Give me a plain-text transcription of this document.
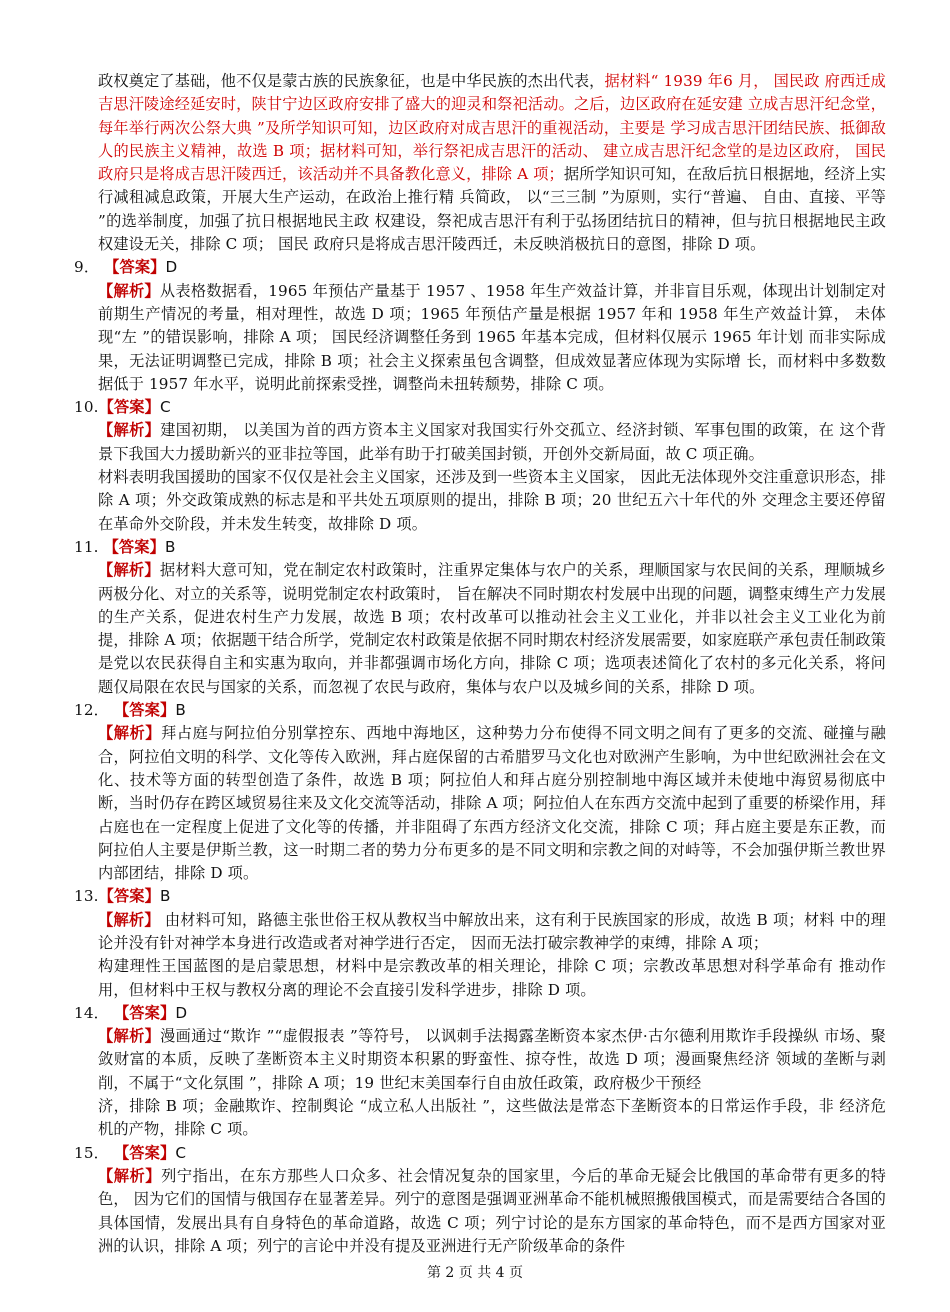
政权奠定了基础，他不仅是蒙古族的民族象征，也是中华民族的杰出代表，据材料“ 1939 年6 月， 国民政 府西迁成吉思汗陵途经延安时，陕甘宁边区政府安排了盛大的迎灵和祭祀活动。之后，边区政府在延安建 立成吉思汗纪念堂，每年举行两次公祭大典 ”及所学知识可知，边区政府对成吉思汗的重视活动，主要是 学习成吉思汗团结民族、抵御敌人的民族主义精神，故选 B 项；据材料可知，举行祭祀成吉思汗的活动、 建立成吉思汗纪念堂的是边区政府， 国民政府只是将成吉思汗陵西迁，该活动并不具备教化意义，排除 A 项；据所学知识可知，在敌后抗日根据地，经济上实行减租减息政策，开展大生产运动，在政治上推行精 兵简政， 以“三三制 ”为原则，实行“普遍、 自由、直接、平等 ”的选举制度，加强了抗日根据地民主政 权建设，祭祀成吉思汗有利于弘扬团结抗日的精神，但与抗日根据地民主政权建设无关，排除 C 项； 国民 政府只是将成吉思汗陵西迁，未反映消极抗日的意图，排除 D 项。

9． 【答案】D

【解析】从表格数据看，1965 年预估产量基于 1957 、1958 年生产效益计算，并非盲目乐观，体现出计划制定对前期生产情况的考量，相对理性，故选 D 项；1965 年预估产量是根据 1957 年和 1958 年生产效益计算， 未体现“左 ”的错误影响，排除 A 项； 国民经济调整任务到 1965 年基本完成，但材料仅展示 1965 年计划 而非实际成果，无法证明调整已完成，排除 B 项；社会主义探索虽包含调整，但成效显著应体现为实际增 长，而材料中多数数据低于 1957 年水平，说明此前探索受挫，调整尚未扭转颓势，排除 C 项。

10.【答案】C

【解析】建国初期， 以美国为首的西方资本主义国家对我国实行外交孤立、经济封锁、军事包围的政策，在 这个背景下我国大力援助新兴的亚非拉等国，此举有助于打破美国封锁，开创外交新局面，故 C 项正确。

材料表明我国援助的国家不仅仅是社会主义国家，还涉及到一些资本主义国家， 因此无法体现外交注重意识形态，排除 A 项；外交政策成熟的标志是和平共处五项原则的提出，排除 B 项；20 世纪五六十年代的外 交理念主要还停留在革命外交阶段，并未发生转变，故排除 D 项。

11. 【答案】B

【解析】据材料大意可知，党在制定农村政策时，注重界定集体与农户的关系，理顺国家与农民间的关系，理顺城乡两极分化、对立的关系等，说明党制定农村政策时， 旨在解决不同时期农村发展中出现的问题，调整束缚生产力发展的生产关系，促进农村生产力发展，故选 B 项；农村改革可以推动社会主义工业化，并非以社会主义工业化为前提，排除 A 项；依据题干结合所学，党制定农村政策是依据不同时期农村经济发展需要，如家庭联产承包责任制政策是党以农民获得自主和实惠为取向，并非都强调市场化方向，排除 C 项；选项表述简化了农村的多元化关系，将问题仅局限在农民与国家的关系，而忽视了农民与政府，集体与农户以及城乡间的关系，排除 D 项。

12． 【答案】B

【解析】拜占庭与阿拉伯分别掌控东、西地中海地区，这种势力分布使得不同文明之间有了更多的交流、碰撞与融合，阿拉伯文明的科学、文化等传入欧洲，拜占庭保留的古希腊罗马文化也对欧洲产生影响，为中世纪欧洲社会在文化、技术等方面的转型创造了条件，故选 B 项；阿拉伯人和拜占庭分别控制地中海区域并未使地中海贸易彻底中断，当时仍存在跨区域贸易往来及文化交流等活动，排除 A 项；阿拉伯人在东西方交流中起到了重要的桥梁作用，拜占庭也在一定程度上促进了文化等的传播，并非阻碍了东西方经济文化交流，排除 C 项；拜占庭主要是东正教，而阿拉伯人主要是伊斯兰教，这一时期二者的势力分布更多的是不同文明和宗教之间的对峙等，不会加强伊斯兰教世界内部团结，排除 D 项。

13.【答案】B

【解析】 由材料可知，路德主张世俗王权从教权当中解放出来，这有利于民族国家的形成，故选 B 项；材料 中的理论并没有针对神学本身进行改造或者对神学进行否定， 因而无法打破宗教神学的束缚，排除 A 项；

构建理性王国蓝图的是启蒙思想，材料中是宗教改革的相关理论，排除 C 项；宗教改革思想对科学革命有 推动作用，但材料中王权与教权分离的理论不会直接引发科学进步，排除 D 项。

14． 【答案】D

【解析】漫画通过“欺诈 ”“虚假报表 ”等符号， 以讽刺手法揭露垄断资本家杰伊·古尔德利用欺诈手段操纵 市场、聚敛财富的本质，反映了垄断资本主义时期资本积累的野蛮性、掠夺性，故选 D 项；漫画聚焦经济 领域的垄断与剥削，不属于“文化氛围 ”，排除 A 项；19 世纪末美国奉行自由放任政策，政府极少干预经

济，排除 B 项；金融欺诈、控制舆论 “成立私人出版社 ”，这些做法是常态下垄断资本的日常运作手段，非 经济危机的产物，排除 C 项。

15． 【答案】C

【解析】列宁指出，在东方那些人口众多、社会情况复杂的国家里，今后的革命无疑会比俄国的革命带有更多的特色， 因为它们的国情与俄国存在显著差异。列宁的意图是强调亚洲革命不能机械照搬俄国模式，而是需要结合各国的具体国情，发展出具有自身特色的革命道路，故选 C 项；列宁讨论的是东方国家的革命特色，而不是西方国家对亚洲的认识，排除 A 项；列宁的言论中并没有提及亚洲进行无产阶级革命的条件

第 2 页 共 4 页
